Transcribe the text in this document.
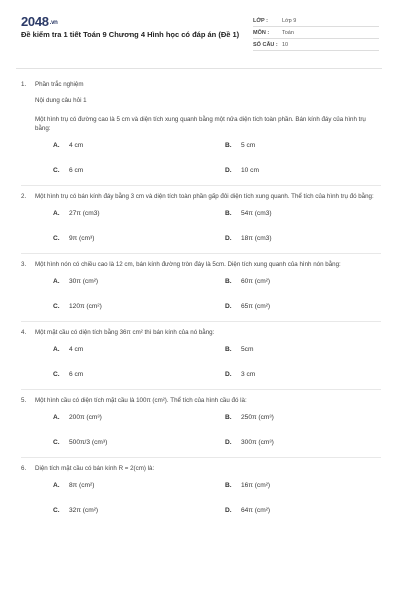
2048.vn
Đề kiểm tra 1 tiết Toán 9 Chương 4 Hình học có đáp án (Đề 1)
LỚP :	Lớp 9
MÔN :	Toán
SỐ CÂU : 10
1. Phần trắc nghiệm
Nội dung câu hỏi 1
Một hình trụ có đường cao là 5 cm và diện tích xung quanh bằng một nửa diện tích toàn phần. Bán kính đáy của hình trụ bằng:
A.	4 cm	B.	5 cm
C.	6 cm	D.	10 cm
2. Một hình trụ có bán kính đáy bằng 3 cm và diện tích toàn phần gấp đôi diện tích xung quanh. Thể tích của hình trụ đó bằng:
A.	27π (cm3)	B.	54π (cm3)
C.	9π (cm³)	D.	18π (cm3)
3. Một hình nón có chiều cao là 12 cm, bán kính đường tròn đáy là 5cm. Diện tích xung quanh của hình nón bằng:
A.	30π (cm²)	B.	60π (cm²)
C.	120π (cm²)	D.	65π (cm²)
4. Một mặt cầu có diện tích bằng 36π cm² thì bán kính của nó bằng:
A.	4 cm	B.	5cm
C.	6 cm	D.	3 cm
5. Một hình cầu có diện tích mặt cầu là 100π (cm²). Thể tích của hình cầu đó là:
A.	200π (cm³)	B.	250π (cm³)
C.	500π/3 (cm³)	D.	300π (cm³)
6. Diện tích mặt cầu có bán kính R = 2(cm) là:
A.	8π (cm²)	B.	16π (cm²)
C.	32π (cm²)	D.	64π (cm²)
